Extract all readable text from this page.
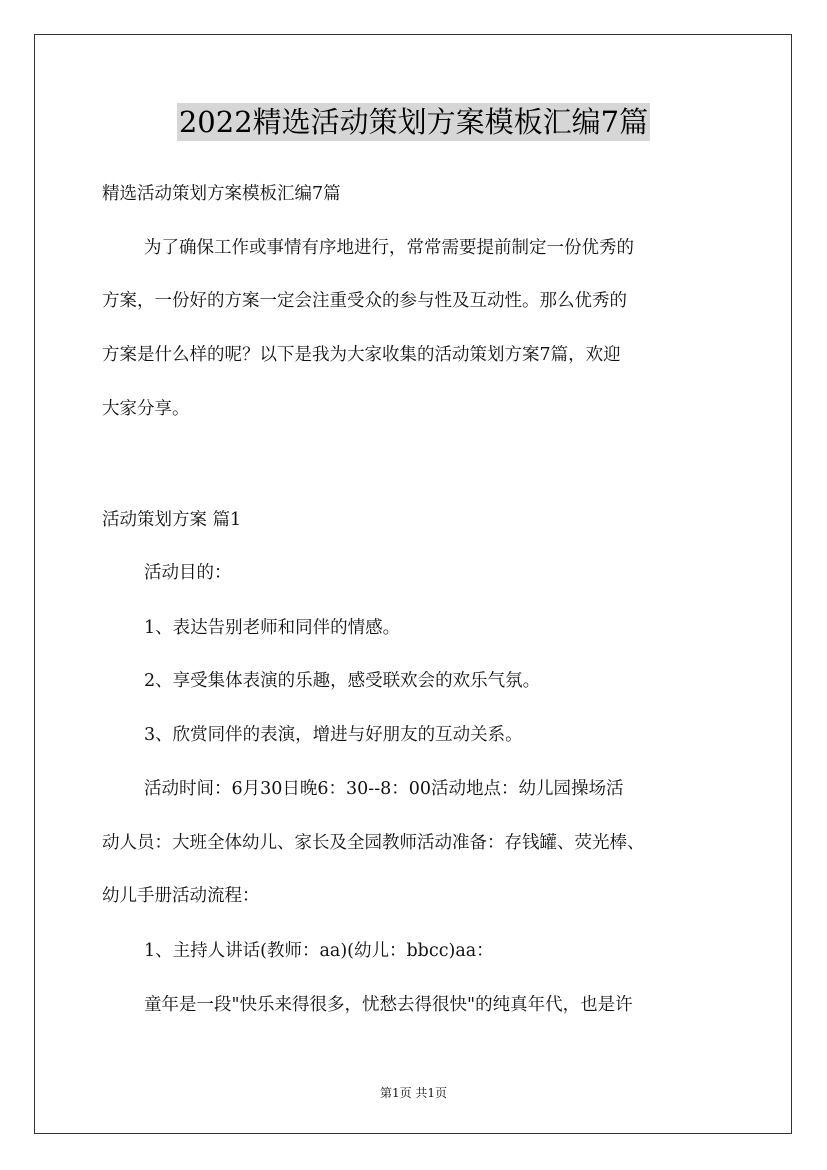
2022精选活动策划方案模板汇编7篇
精选活动策划方案模板汇编7篇
为了确保工作或事情有序地进行，常常需要提前制定一份优秀的
方案，一份好的方案一定会注重受众的参与性及互动性。那么优秀的
方案是什么样的呢？以下是我为大家收集的活动策划方案7篇，欢迎
大家分享。
活动策划方案 篇1
活动目的：
1、表达告别老师和同伴的情感。
2、享受集体表演的乐趣，感受联欢会的欢乐气氛。
3、欣赏同伴的表演，增进与好朋友的互动关系。
活动时间：6月30日晚6：30--8：00活动地点：幼儿园操场活
动人员：大班全体幼儿、家长及全园教师活动准备：存钱罐、荧光棒、
幼儿手册活动流程：
1、主持人讲话(教师：aa)(幼儿：bbcc)aa：
童年是一段"快乐来得很多，忧愁去得很快"的纯真年代，也是许
第1页 共1页
